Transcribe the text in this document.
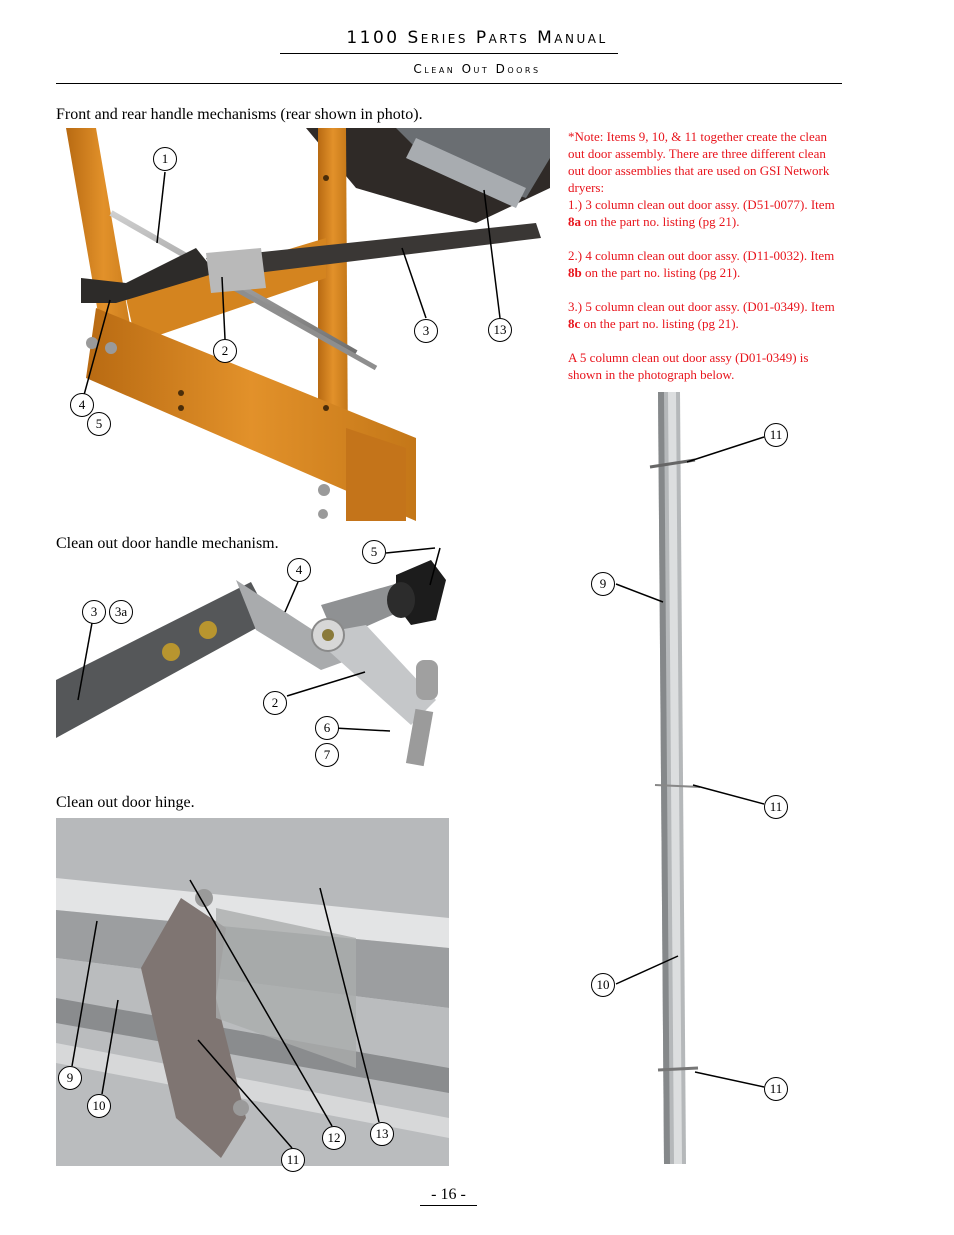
1100 Series Parts Manual
Clean Out Doors
Front and rear handle mechanisms (rear shown in photo).

*Note: Items 9, 10, & 11 together create the clean out door assembly. There are three different clean out door assemblies that are used on GSI Network dryers:

1.) 3 column clean out door assy. (D51-0077). Item 8a on the part no. listing (pg 21).

2.) 4 column clean out door assy. (D11-0032). Item 8b on the part no. listing (pg 21).

3.) 5 column clean out door assy. (D01-0349). Item 8c on the part no. listing (pg 21).

A 5 column clean out door assy (D01-0349) is shown in the photograph below.

Clean out door handle mechanism.
Clean out door hinge.
1
2
3	13
4
5
5
4
3	3a
2
6
7
9
10
11
12	13
11
9
11
10
11
- 16 -
